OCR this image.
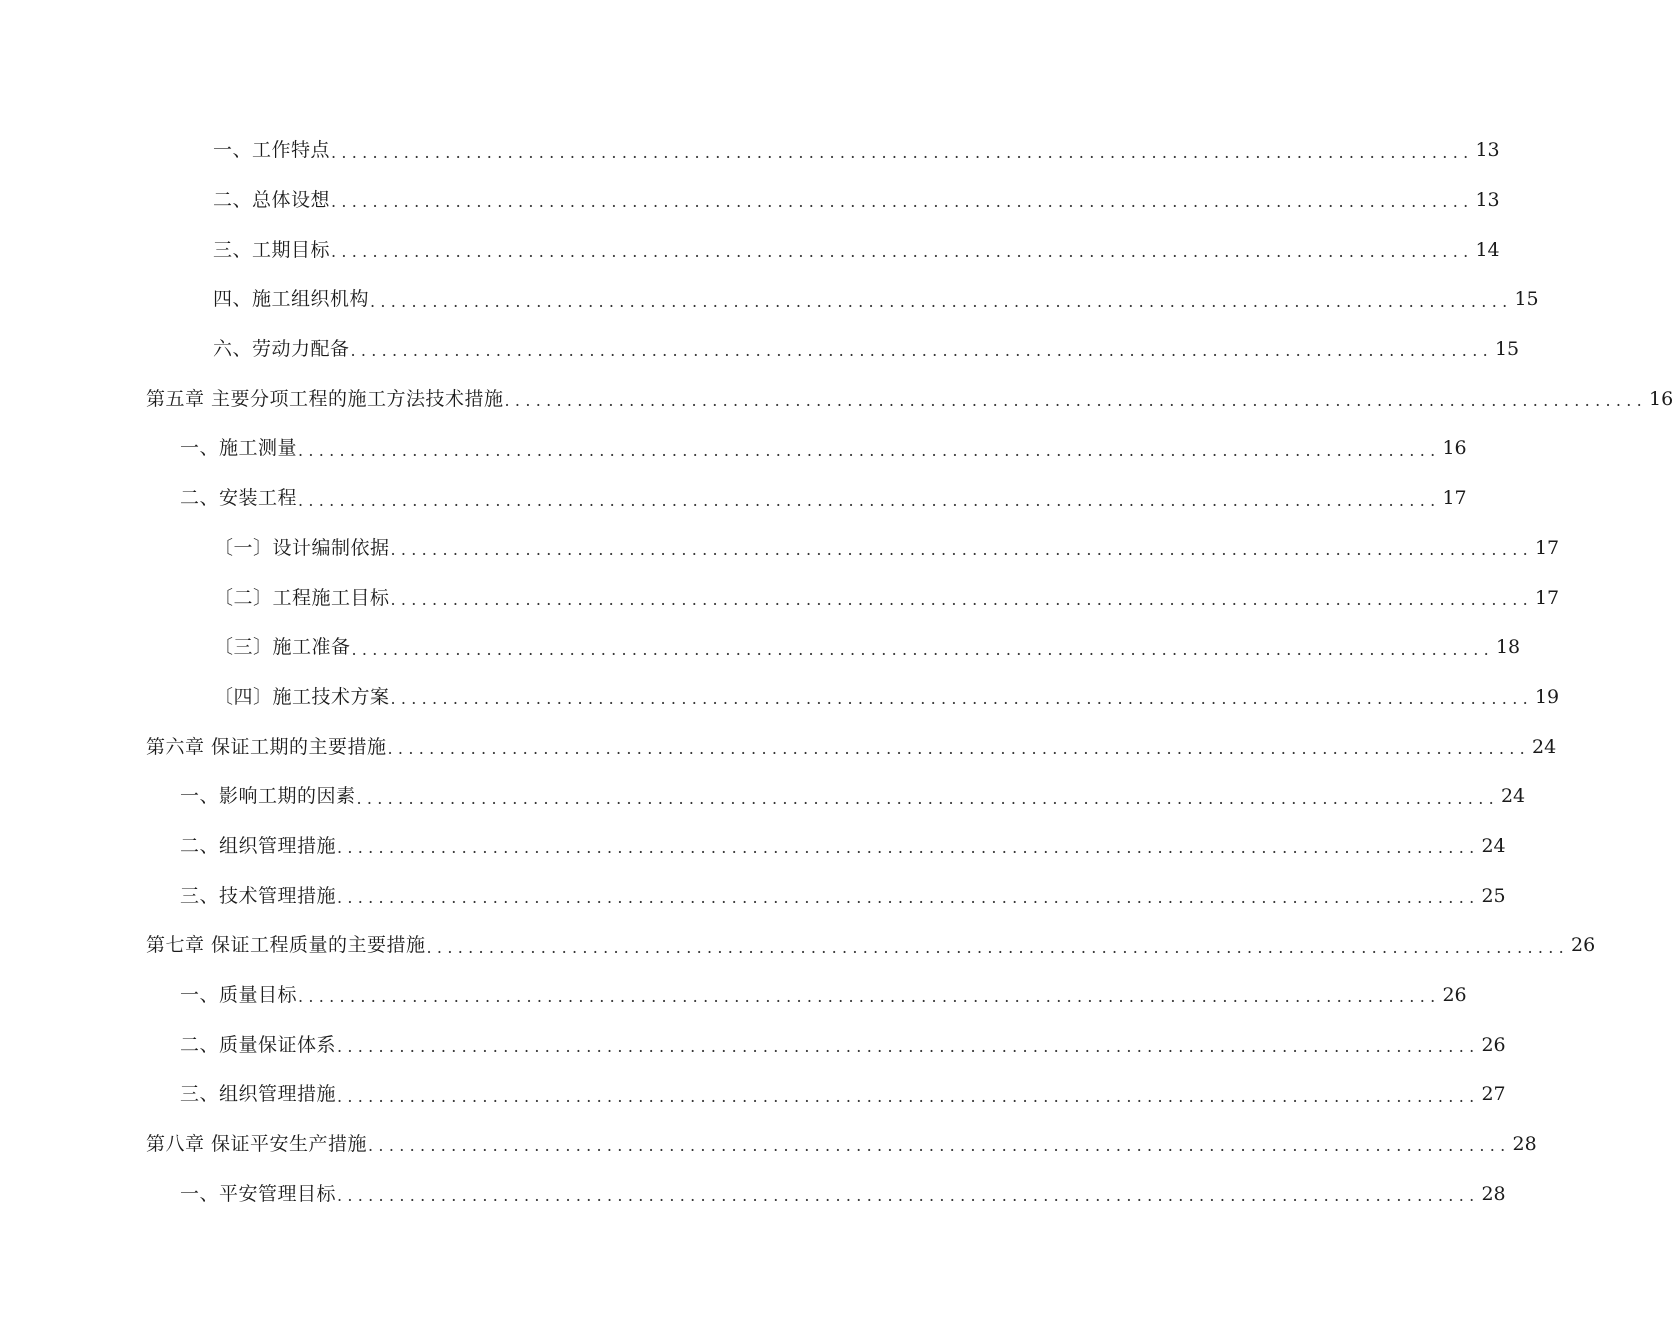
一、工作特点 .............................................................................................................. 13
二、总体设想 .............................................................................................................. 13
三、工期目标 .............................................................................................................. 14
四、施工组织机构 .............................................................................................................. 15
六、劳动力配备 .............................................................................................................. 15
第五章 主要分项工程的施工方法技术措施 .............................................................................................................. 16
一、施工测量 .............................................................................................................. 16
二、安装工程 .............................................................................................................. 17
〔一〕设计编制依据 .............................................................................................................. 17
〔二〕工程施工目标 .............................................................................................................. 17
〔三〕施工准备 .............................................................................................................. 18
〔四〕施工技术方案 .............................................................................................................. 19
第六章 保证工期的主要措施 .............................................................................................................. 24
一、影响工期的因素 .............................................................................................................. 24
二、组织管理措施 .............................................................................................................. 24
三、技术管理措施 .............................................................................................................. 25
第七章 保证工程质量的主要措施 .............................................................................................................. 26
一、质量目标 .............................................................................................................. 26
二、质量保证体系 .............................................................................................................. 26
三、组织管理措施 .............................................................................................................. 27
第八章 保证平安生产措施 .............................................................................................................. 28
一、平安管理目标 .............................................................................................................. 28
